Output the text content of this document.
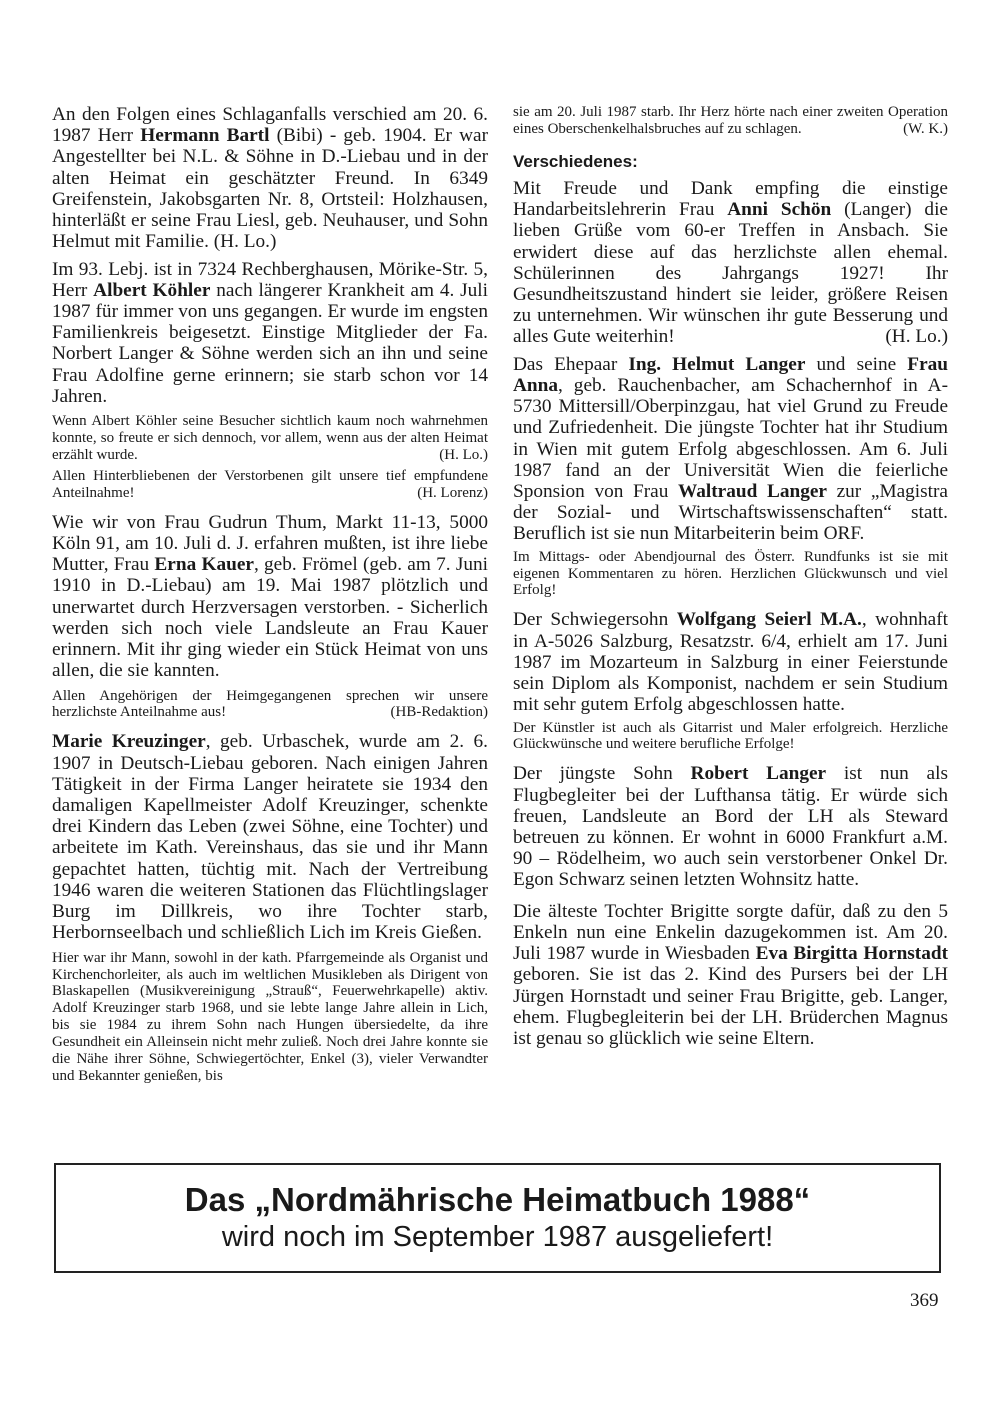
An den Folgen eines Schlaganfalls verschied am 20. 6. 1987 Herr Hermann Bartl (Bibi) - geb. 1904. Er war Angestellter bei N.L. & Söhne in D.-Liebau und in der alten Heimat ein geschätzter Freund. In 6349 Greifenstein, Jakobsgarten Nr. 8, Ortsteil: Holzhausen, hinterläßt er seine Frau Liesl, geb. Neuhauser, und Sohn Helmut mit Familie. (H. Lo.)

Im 93. Lebj. ist in 7324 Rechberghausen, Mörike-Str. 5, Herr Albert Köhler nach längerer Krankheit am 4. Juli 1987 für immer von uns gegangen. Er wurde im engsten Familienkreis beigesetzt. Einstige Mitglieder der Fa. Norbert Langer & Söhne werden sich an ihn und seine Frau Adolfine gerne erinnern; sie starb schon vor 14 Jahren.

Wenn Albert Köhler seine Besucher sichtlich kaum noch wahrnehmen konnte, so freute er sich dennoch, vor allem, wenn aus der alten Heimat erzählt wurde.	(H. Lo.)

Allen Hinterbliebenen der Verstorbenen gilt unsere tief empfundene Anteilnahme!	(H. Lorenz)

Wie wir von Frau Gudrun Thum, Markt 11-13, 5000 Köln 91, am 10. Juli d. J. erfahren mußten, ist ihre liebe Mutter, Frau Erna Kauer, geb. Frömel (geb. am 7. Juni 1910 in D.-Liebau) am 19. Mai 1987 plötzlich und unerwartet durch Herzversagen verstorben. - Sicherlich werden sich noch viele Landsleute an Frau Kauer erinnern. Mit ihr ging wieder ein Stück Heimat von uns allen, die sie kannten.

Allen Angehörigen der Heimgegangenen sprechen wir unsere herzlichste Anteilnahme aus!	(HB-Redaktion)

Marie Kreuzinger, geb. Urbaschek, wurde am 2. 6. 1907 in Deutsch-Liebau geboren. Nach einigen Jahren Tätigkeit in der Firma Langer heiratete sie 1934 den damaligen Kapellmeister Adolf Kreuzinger, schenkte drei Kindern das Leben (zwei Söhne, eine Tochter) und arbeitete im Kath. Vereinshaus, das sie und ihr Mann gepachtet hatten, tüchtig mit. Nach der Vertreibung 1946 waren die weiteren Stationen das Flüchtlingslager Burg im Dillkreis, wo ihre Tochter starb, Herbornseelbach und schließlich Lich im Kreis Gießen.

Hier war ihr Mann, sowohl in der kath. Pfarrgemeinde als Organist und Kirchenchorleiter, als auch im weltlichen Musikleben als Dirigent von Blaskapellen (Musikvereinigung „Strauß“, Feuerwehrkapelle) aktiv. Adolf Kreuzinger starb 1968, und sie lebte lange Jahre allein in Lich, bis sie 1984 zu ihrem Sohn nach Hungen übersiedelte, da ihre Gesundheit ein Alleinsein nicht mehr zuließ. Noch drei Jahre konnte sie die Nähe ihrer Söhne, Schwiegertöchter, Enkel (3), vieler Verwandter und Bekannter genießen, bis

sie am 20. Juli 1987 starb. Ihr Herz hörte nach einer zweiten Operation eines Oberschenkelhalsbruches auf zu schlagen.	(W. K.)

Verschiedenes:

Mit Freude und Dank empfing die einstige Handarbeitslehrerin Frau Anni Schön (Langer) die lieben Grüße vom 60-er Treffen in Ansbach. Sie erwidert diese auf das herzlichste allen ehemal. Schülerinnen des Jahrgangs 1927! Ihr Gesundheitszustand hindert sie leider, größere Reisen zu unternehmen. Wir wünschen ihr gute Besserung und alles Gute weiterhin!	(H. Lo.)

Das Ehepaar Ing. Helmut Langer und seine Frau Anna, geb. Rauchenbacher, am Schachernhof in A-5730 Mittersill/Oberpinzgau, hat viel Grund zu Freude und Zufriedenheit. Die jüngste Tochter hat ihr Studium in Wien mit gutem Erfolg abgeschlossen. Am 6. Juli 1987 fand an der Universität Wien die feierliche Sponsion von Frau Waltraud Langer zur „Magistra der Sozial- und Wirtschaftswissenschaften“ statt. Beruflich ist sie nun Mitarbeiterin beim ORF.

Im Mittags- oder Abendjournal des Österr. Rundfunks ist sie mit eigenen Kommentaren zu hören. Herzlichen Glückwunsch und viel Erfolg!

Der Schwiegersohn Wolfgang Seierl M.A., wohnhaft in A-5026 Salzburg, Resatzstr. 6/4, erhielt am 17. Juni 1987 im Mozarteum in Salzburg in einer Feierstunde sein Diplom als Komponist, nachdem er sein Studium mit sehr gutem Erfolg abgeschlossen hatte.

Der Künstler ist auch als Gitarrist und Maler erfolgreich. Herzliche Glückwünsche und weitere berufliche Erfolge!

Der jüngste Sohn Robert Langer ist nun als Flugbegleiter bei der Lufthansa tätig. Er würde sich freuen, Landsleute an Bord der LH als Steward betreuen zu können. Er wohnt in 6000 Frankfurt a.M. 90 – Rödelheim, wo auch sein verstorbener Onkel Dr. Egon Schwarz seinen letzten Wohnsitz hatte.

Die älteste Tochter Brigitte sorgte dafür, daß zu den 5 Enkeln nun eine Enkelin dazugekommen ist. Am 20. Juli 1987 wurde in Wiesbaden Eva Birgitta Hornstadt geboren. Sie ist das 2. Kind des Pursers bei der LH Jürgen Hornstadt und seiner Frau Brigitte, geb. Langer, ehem. Flugbegleiterin bei der LH. Brüderchen Magnus ist genau so glücklich wie seine Eltern.

Das „Nordmährische Heimatbuch 1988“
wird noch im September 1987 ausgeliefert!
369
